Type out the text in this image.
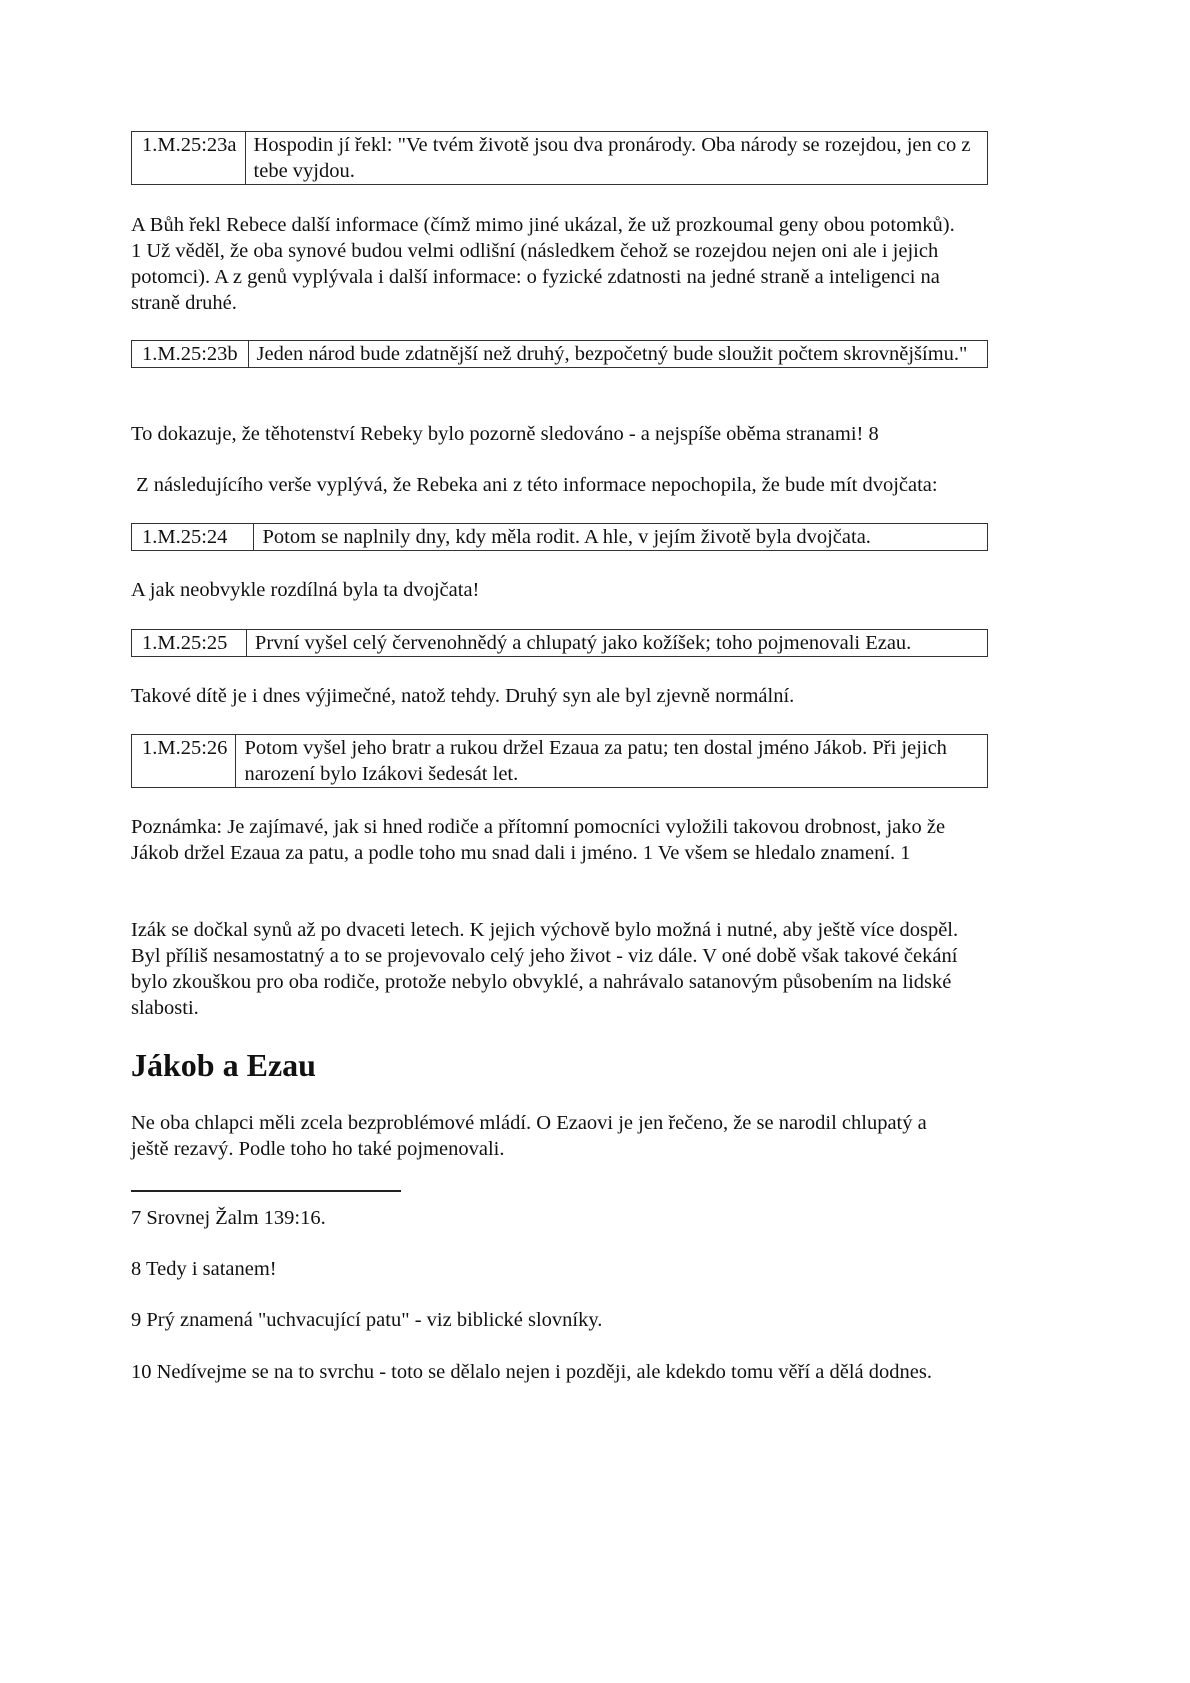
1.M.25:23a	Hospodin jí řekl: "Ve tvém životě jsou dva pronárody. Oba národy se rozejdou, jen co z tebe vyjdou.

A Bůh řekl Rebece další informace (čímž mimo jiné ukázal, že už prozkoumal geny obou potomků). 1 Už věděl, že oba synové budou velmi odlišní (následkem čehož se rozejdou nejen oni ale i jejich potomci). A z genů vyplývala i další informace: o fyzické zdatnosti na jedné straně a inteligenci na straně druhé.

1.M.25:23b	Jeden národ bude zdatnější než druhý, bezpočetný bude sloužit počtem skrovnějšímu."

To dokazuje, že těhotenství Rebeky bylo pozorně sledováno - a nejspíše oběma stranami! 8

Z následujícího verše vyplývá, že Rebeka ani z této informace nepochopila, že bude mít dvojčata:

1.M.25:24	Potom se naplnily dny, kdy měla rodit. A hle, v jejím životě byla dvojčata.

A jak neobvykle rozdílná byla ta dvojčata!

1.M.25:25	První vyšel celý červenohnědý a chlupatý jako kožíšek; toho pojmenovali Ezau.

Takové dítě je i dnes výjimečné, natož tehdy. Druhý syn ale byl zjevně normální.

1.M.25:26	Potom vyšel jeho bratr a rukou držel Ezaua za patu; ten dostal jméno Jákob. Při jejich narození bylo Izákovi šedesát let.

Poznámka: Je zajímavé, jak si hned rodiče a přítomní pomocníci vyložili takovou drobnost, jako že Jákob držel Ezaua za patu, a podle toho mu snad dali i jméno. 1 Ve všem se hledalo znamení. 1

Izák se dočkal synů až po dvaceti letech. K jejich výchově bylo možná i nutné, aby ještě více dospěl. Byl příliš nesamostatný a to se projevovalo celý jeho život - viz dále. V oné době však takové čekání bylo zkouškou pro oba rodiče, protože nebylo obvyklé, a nahrávalo satanovým působením na lidské slabosti.

Jákob a Ezau

Ne oba chlapci měli zcela bezproblémové mládí. O Ezaovi je jen řečeno, že se narodil chlupatý a ještě rezavý. Podle toho ho také pojmenovali.

7 Srovnej Žalm 139:16.

8 Tedy i satanem!

9 Prý znamená "uchvacující patu" - viz biblické slovníky.

10 Nedívejme se na to svrchu - toto se dělalo nejen i později, ale kdekdo tomu věří a dělá dodnes.
